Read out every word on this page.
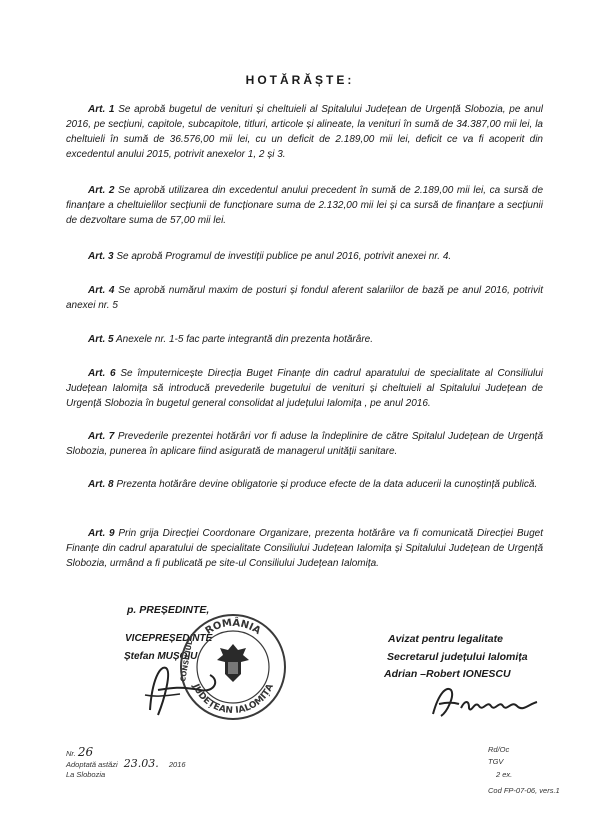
HOTĂRĂȘTE:
Art. 1 Se aprobă bugetul de venituri și cheltuieli al Spitalului Județean de Urgență Slobozia, pe anul 2016, pe secțiuni, capitole, subcapitole, titluri, articole și alineate, la venituri în sumă de 34.387,00 mii lei, la cheltuieli în sumă de 36.576,00 mii lei, cu un deficit de 2.189,00 mii lei, deficit ce va fi acoperit din excedentul anului 2015, potrivit anexelor 1, 2 și 3.
Art. 2 Se aprobă utilizarea din excedentul anului precedent în sumă de 2.189,00 mii lei, ca sursă de finanțare a cheltuielilor secțiunii de funcționare suma de 2.132,00 mii lei și ca sursă de finanțare a secțiunii de dezvoltare suma de 57,00 mii lei.
Art. 3 Se aprobă Programul de investiții publice pe anul 2016, potrivit anexei nr. 4.
Art. 4 Se aprobă numărul maxim de posturi și fondul aferent salariilor de bază pe anul 2016, potrivit anexei nr. 5
Art. 5 Anexele nr. 1-5 fac parte integrantă din prezenta hotărâre.
Art. 6 Se împuternicește Direcția Buget Finanțe din cadrul aparatului de specialitate al Consiliului Județean Ialomița să introducă prevederile bugetului de venituri și cheltuieli al Spitalului Județean de Urgență Slobozia în bugetul general consolidat al județului Ialomița , pe anul 2016.
Art. 7 Prevederile prezentei hotărâri vor fi aduse la îndeplinire de către Spitalul Județean de Urgență Slobozia, punerea în aplicare fiind asigurată de managerul unității sanitare.
Art. 8 Prezenta hotărâre devine obligatorie și produce efecte de la data aducerii la cunoștință publică.
Art. 9 Prin grija Direcției Coordonare Organizare, prezenta hotărâre va fi comunicată Direcției Buget Finanțe din cadrul aparatului de specialitate Consiliului Județean Ialomița și Spitalului Județean de Urgență Slobozia, urmând a fi publicată pe site-ul Consiliului Județean Ialomița.
p. PREȘEDINTE,
VICEPREȘEDINTE
Ștefan MUȘOIU
ROMÂNIA
JUDEȚEAN IALOMIȚA
CONSILIUL
Avizat pentru legalitate
Secretarul județului Ialomița
Adrian –Robert IONESCU
Nr. 26
Adoptată astăzi 23.03. 2016
La Slobozia
Rd/Oc
TGV
2 ex.
Cod FP-07-06, vers.1
